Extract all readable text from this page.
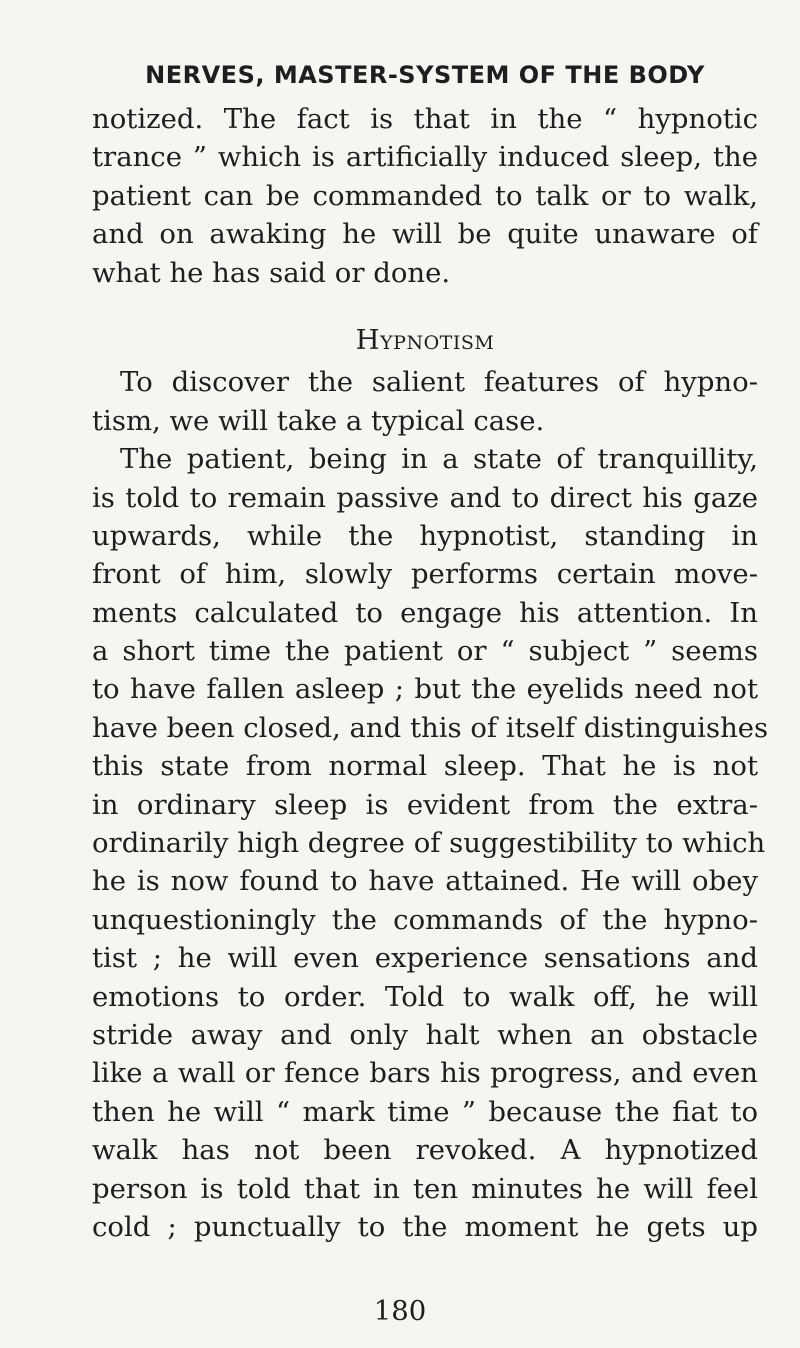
NERVES, MASTER-SYSTEM OF THE BODY
notized. The fact is that in the “ hypnotic
trance ” which is artificially induced sleep, the
patient can be commanded to talk or to walk,
and on awaking he will be quite unaware of
what he has said or done.
Hypnotism
To discover the salient features of hypno-
tism, we will take a typical case.
The patient, being in a state of tranquillity,
is told to remain passive and to direct his gaze
upwards, while the hypnotist, standing in
front of him, slowly performs certain move-
ments calculated to engage his attention. In
a short time the patient or “ subject ” seems
to have fallen asleep ; but the eyelids need not
have been closed, and this of itself distinguishes
this state from normal sleep. That he is not
in ordinary sleep is evident from the extra-
ordinarily high degree of suggestibility to which
he is now found to have attained. He will obey
unquestioningly the commands of the hypno-
tist ; he will even experience sensations and
emotions to order. Told to walk off, he will
stride away and only halt when an obstacle
like a wall or fence bars his progress, and even
then he will “ mark time ” because the fiat to
walk has not been revoked. A hypnotized
person is told that in ten minutes he will feel
cold ; punctually to the moment he gets up
180
